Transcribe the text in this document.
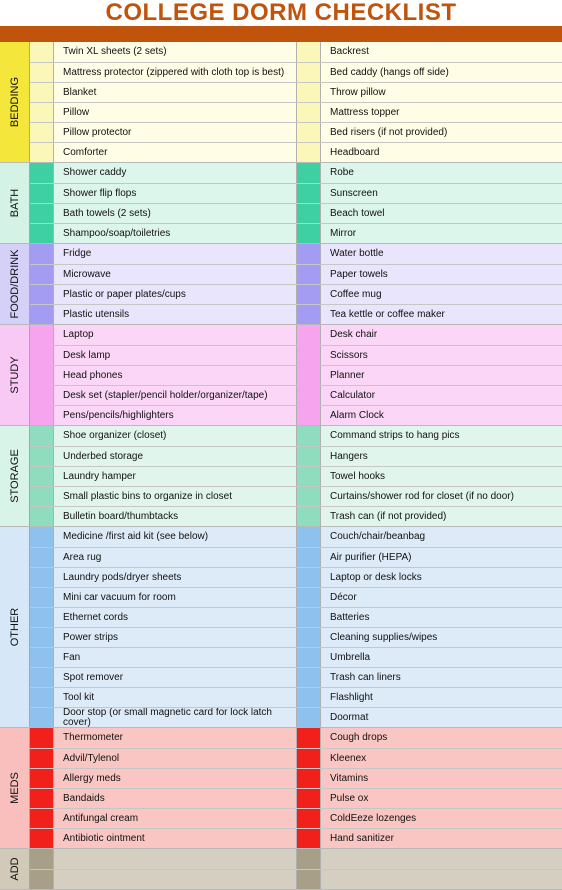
COLLEGE DORM CHECKLIST
BEDDING
Twin XL sheets (2 sets)	Backrest
Mattress protector (zippered with cloth top is best)	Bed caddy (hangs off side)
Blanket	Throw pillow
Pillow	Mattress topper
Pillow protector	Bed risers (if not provided)
Comforter	Headboard
BATH
Shower caddy	Robe
Shower flip flops	Sunscreen
Bath towels (2 sets)	Beach towel
Shampoo/soap/toiletries	Mirror
FOOD/DRINK	Fridge	Water bottle
Microwave	Paper towels
Plastic or paper plates/cups	Coffee mug
Plastic utensils	Tea kettle or coffee maker
STUDY
Laptop	Desk chair
Desk lamp	Scissors
Head phones	Planner
Desk set (stapler/pencil holder/organizer/tape)	Calculator
Pens/pencils/highlighters	Alarm Clock
STORAGE
Shoe organizer (closet)	Command strips to hang pics
Underbed storage	Hangers
Laundry hamper	Towel hooks
Small plastic bins to organize in closet	Curtains/shower rod for closet (if no door)
Bulletin board/thumbtacks	Trash can (if not provided)
OTHER
Medicine /first aid kit (see below)	Couch/chair/beanbag
Area rug	Air purifier (HEPA)
Laundry pods/dryer sheets	Laptop or desk locks
Mini car vacuum for room	Décor
Ethernet cords	Batteries
Power strips	Cleaning supplies/wipes
Fan	Umbrella
Spot remover	Trash can liners
Tool kit	Flashlight
Door stop (or small magnetic card for lock latch cover)	Doormat
MEDS
Thermometer	Cough drops
Advil/Tylenol	Kleenex
Allergy meds	Vitamins
Bandaids	Pulse ox
Antifungal cream	ColdEeze lozenges
Antibiotic ointment	Hand sanitizer
ADD
